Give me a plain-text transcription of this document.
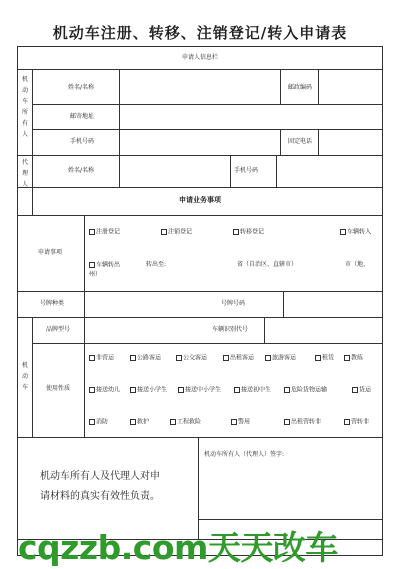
机动车注册、转移、注销登记/转入申请表
申请人信息栏
机动车所有人
姓名/名称	邮政编码
邮寄地址
手机号码	固定电话
代理人
姓名/名称	手机号码
申请业务事项
申请事项
注册登记	注销登记	转移登记	车辆转入
车辆转出	转出至:	省（自治区、直辖市）	市（地、
州）
号牌种类	号牌号码
机动车
品牌型号	车辆识别代号
使用性质
非营运	公路客运	公交客运	出租客运	旅游客运	租赁	教练
接送幼儿	接送小学生	接送中小学生	接送初中生	危险货物运输	货运
消防	救护	工程救险	警用	出租营转非	营转非
机动车所有人及代理人对申
请材料的真实有效性负责。
机动车所有人（代理人）签字:
cqzzb.com天天改车
